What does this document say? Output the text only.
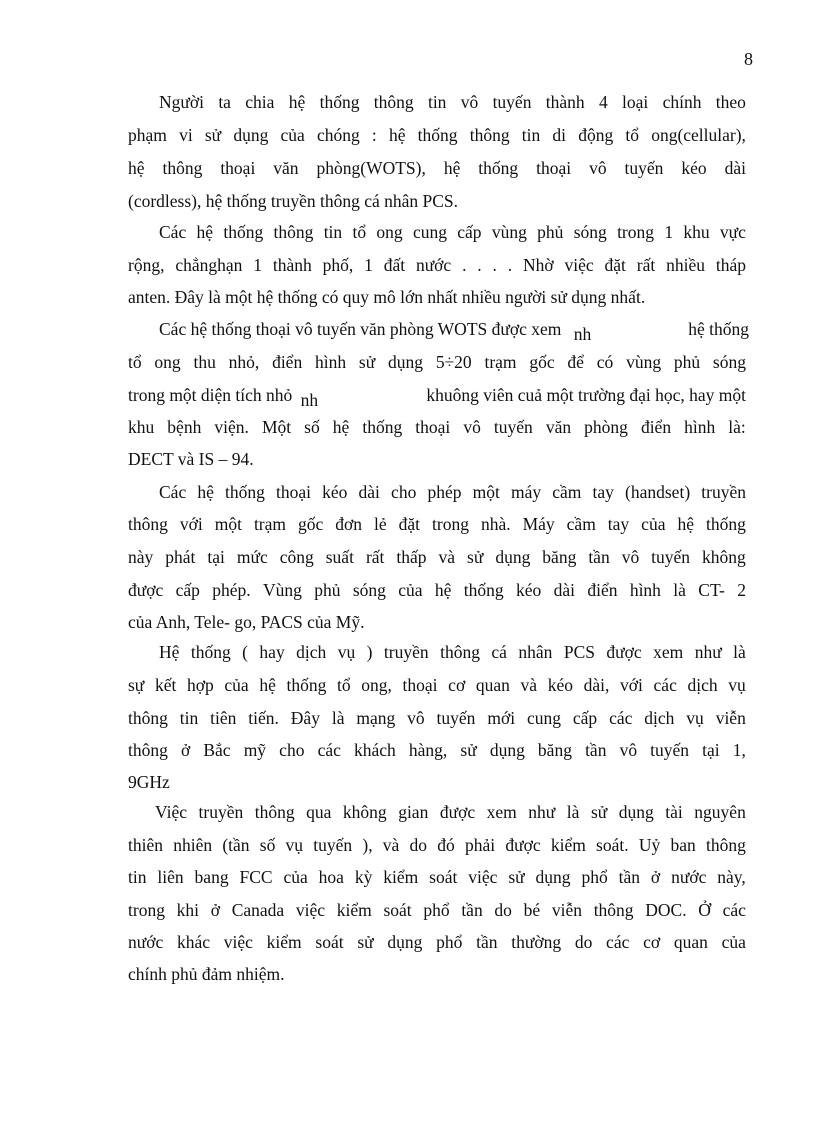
8
Người ta chia hệ thống thông tin vô tuyến thành 4 loại chính theo
phạm vi sử dụng của chóng : hệ thống thông tin di động tổ ong(cellular),
hệ thông thoại văn phòng(WOTS), hệ thống thoại vô tuyến kéo dài
(cordless), hệ thống truyền thông cá nhân PCS.
Các hệ thống thông tin tổ ong cung cấp vùng phủ sóng trong 1 khu vực
rộng, chẳnghạn 1 thành phố, 1 đất nước . . . . Nhờ việc đặt rất nhiều tháp
anten. Đây là một hệ thống có quy mô lớn nhất nhiều người sử dụng nhất.
Các hệ thống thoại vô tuyến văn phòng WOTS được xem nh	hệ thống
tổ ong thu nhỏ, điển hình sử dụng 5÷20 trạm gốc để có vùng phủ sóng
trong một diện tích nhỏ nh	khuông viên cuả một trường đại học, hay một
khu bệnh viện. Một số hệ thống thoại vô tuyến văn phòng điển hình là:
DECT và IS – 94.
Các hệ thống thoại kéo dài cho phép một máy cầm tay (handset) truyền
thông với một trạm gốc đơn lẻ đặt trong nhà. Máy cầm tay của hệ thống
này phát tại mức công suất rất thấp và sử dụng băng tần vô tuyến không
được cấp phép. Vùng phủ sóng của hệ thống kéo dài điển hình là CT- 2
của Anh, Tele- go, PACS của Mỹ.
Hệ thống ( hay dịch vụ ) truyền thông cá nhân PCS được xem như là
sự kết hợp của hệ thống tổ ong, thoại cơ quan và kéo dài, với các dịch vụ
thông tin tiên tiến. Đây là mạng vô tuyến mới cung cấp các dịch vụ viễn
thông ở Bắc mỹ cho các khách hàng, sử dụng băng tần vô tuyến tại 1,
9GHz
Việc truyền thông qua không gian được xem như là sử dụng tài nguyên
thiên nhiên (tần số vụ tuyến ), và do đó phải được kiểm soát. Uỷ ban thông
tin liên bang FCC của hoa kỳ kiểm soát việc sử dụng phổ tần ở nước này,
trong khi ở Canada việc kiểm soát phổ tần do bé viễn thông DOC. Ở các
nước khác việc kiểm soát sử dụng phổ tần thường do các cơ quan của
chính phủ đảm nhiệm.
